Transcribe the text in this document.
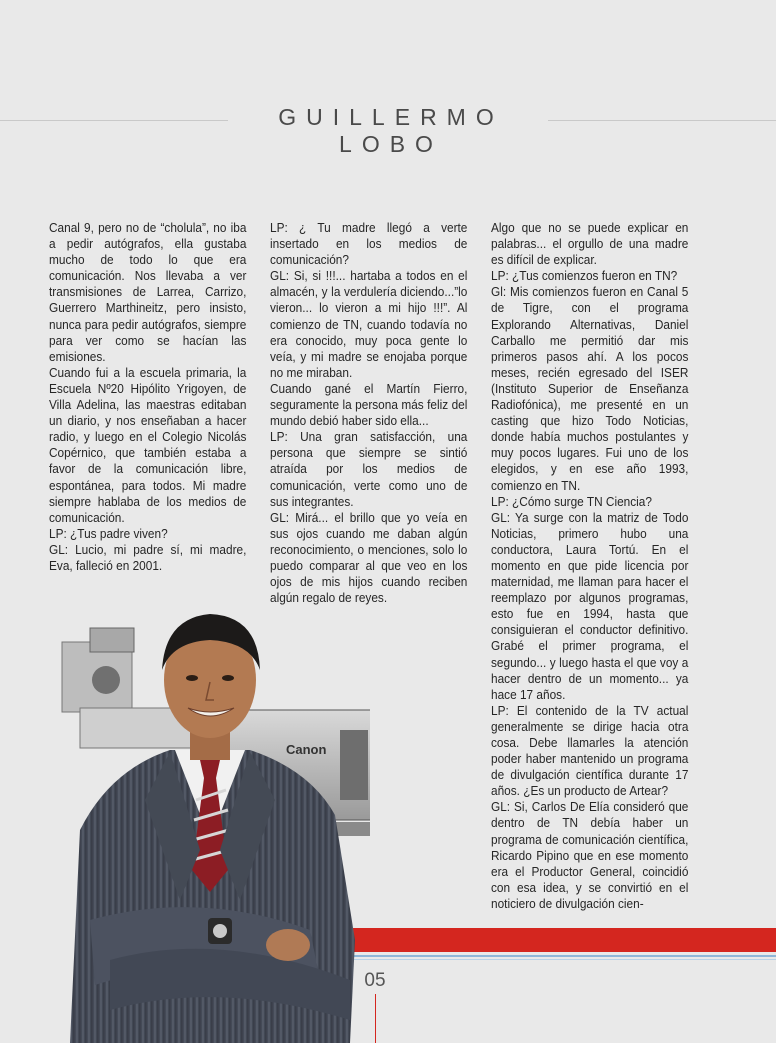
GUILLERMO LOBO

Canal 9, pero no de “cholula”, no iba a pedir autógrafos, ella gustaba mucho de todo lo que era comunicación. Nos llevaba a ver transmisiones de Larrea, Carrizo, Guerrero Marthineitz, pero insisto, nunca para pedir autógrafos, siempre para ver como se hacían las emisiones.

Cuando fui a la escuela primaria, la Escuela Nº20 Hipólito Yrigoyen, de Villa Adelina, las maestras editaban un diario, y nos enseñaban a hacer radio, y luego en el Colegio Nicolás Copérnico, que también estaba a favor de la comunicación libre, espontánea, para todos. Mi madre siempre hablaba de los medios de comunicación.

LP: ¿Tus padre viven?

GL: Lucio, mi padre sí, mi madre, Eva, falleció en 2001.

LP: ¿ Tu madre llegó a verte insertado en los medios de comunicación?

GL: Si, si !!!... hartaba a todos en el almacén, y la verdulería diciendo...”lo vieron... lo vieron a mi hijo !!!”. Al comienzo de TN, cuando todavía no era conocido, muy poca gente lo veía, y mi madre se enojaba porque no me miraban.

Cuando gané el Martín Fierro, seguramente la persona más feliz del mundo debió haber sido ella...

LP: Una gran satisfacción, una persona que siempre se sintió atraída por los medios de comunicación, verte como uno de sus integrantes.

GL: Mirá... el brillo que yo veía en sus ojos cuando me daban algún reconocimiento, o menciones, solo lo puedo comparar al que veo en los ojos de mis hijos cuando reciben algún regalo de reyes.

Algo que no se puede explicar en palabras... el orgullo de una madre es difícil de explicar.

LP: ¿Tus comienzos fueron en TN?

Gl: Mis comienzos fueron en Canal 5 de Tigre, con el programa Explorando Alternativas, Daniel Carballo me permitió dar mis primeros pasos ahí. A los pocos meses, recién egresado del ISER (Instituto Superior de Enseñanza Radiofónica), me presenté en un casting que hizo Todo Noticias, donde había muchos postulantes y muy pocos lugares. Fui uno de los elegidos, y en ese año 1993, comienzo en TN.

LP: ¿Cómo surge TN Ciencia?

GL: Ya surge con la matriz de Todo Noticias, primero hubo una conductora, Laura Tortú. En el momento en que pide licencia por maternidad, me llaman para hacer el reemplazo por algunos programas, esto fue en 1994, hasta que consiguieran el conductor definitivo. Grabé el primer programa, el segundo... y luego hasta el que voy a hacer dentro de un momento... ya hace 17 años.

LP: El contenido de la TV actual generalmente se dirige hacia otra cosa. Debe llamarles la atención poder haber mantenido un programa de divulgación científica durante 17 años. ¿Es un producto de Artear?

GL: Si, Carlos De Elía consideró que dentro de TN debía haber un programa de comunicación científica, Ricardo Pipino que en ese momento era el Productor General, coincidió con esa idea, y se convirtió en el noticiero de divulgación cien-

Canon
05
